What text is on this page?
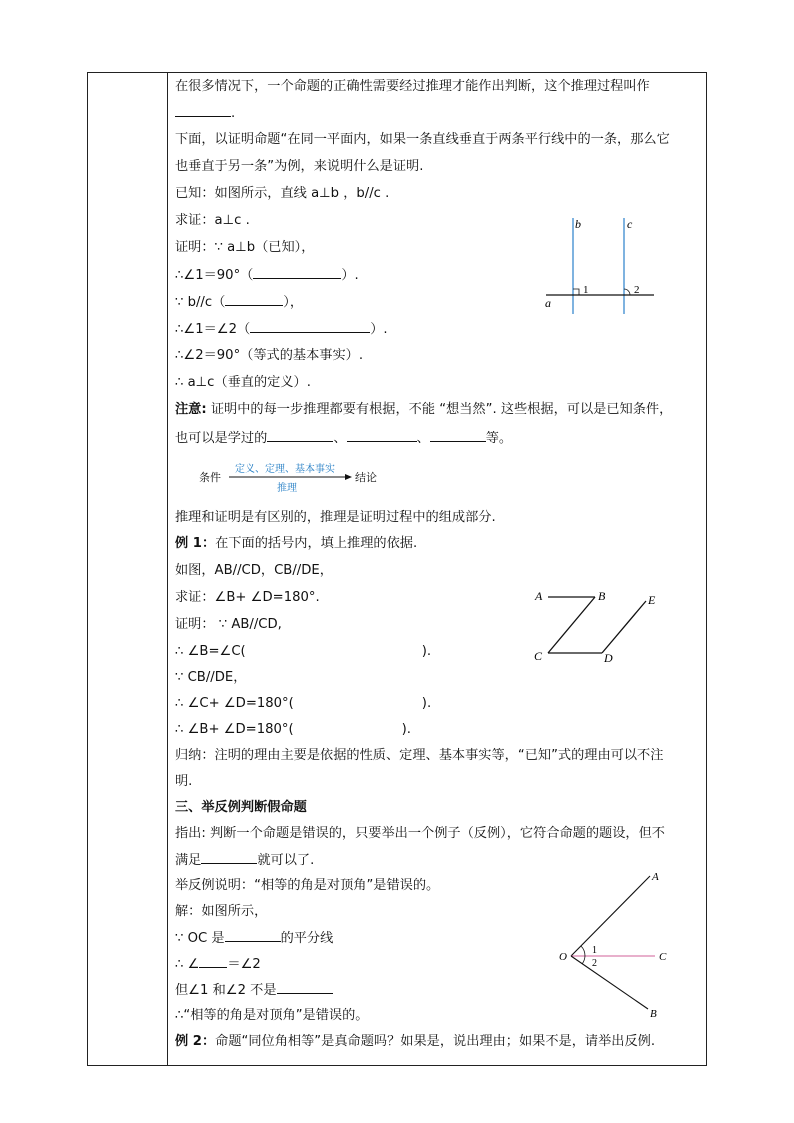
在很多情况下，一个命题的正确性需要经过推理才能作出判断，这个推理过程叫作
.
下面，以证明命题“在同一平面内，如果一条直线垂直于两条平行线中的一条，那么它
也垂直于另一条”为例，来说明什么是证明.
已知：如图所示，直线 a⊥b ，b//c .
求证：a⊥c .
证明：∵ a⊥b（已知），
∴∠1＝90°（	）.
∵ b//c（	），
∴∠1＝∠2（	）.
∴∠2＝90°（等式的基本事实）.
∴ a⊥c（垂直的定义）.
注意: 证明中的每一步推理都要有根据，不能 “想当然”. 这些根据，可以是已知条件，
也可以是学过的	、	、	等。
推理和证明是有区别的，推理是证明过程中的组成部分.
例 1：在下面的括号内，填上推理的依据.
如图，AB//CD，CB//DE，
求证：∠B+ ∠D=180°.
证明： ∵ AB//CD,
∴ ∠B=∠C(	).
∵ CB//DE，
∴ ∠C+ ∠D=180°(	).
∴ ∠B+ ∠D=180°(	).
归纳：注明的理由主要是依据的性质、定理、基本事实等，“已知”式的理由可以不注
明.
三、举反例判断假命题
指出: 判断一个命题是错误的，只要举出一个例子（反例），它符合命题的题设，但不
满足	就可以了.
举反例说明：“相等的角是对顶角”是错误的。
解：如图所示，
∵ OC 是	的平分线
∴ ∠ ＝∠2
但∠1 和∠2 不是
∴“相等的角是对顶角”是错误的。
例 2：命题“同位角相等”是真命题吗？如果是，说出理由；如果不是，请举出反例.
条件
定义、定理、基本事实
推理
结论
b	c
a
1	2
A	B	E
C	D
A
O	C
B
1
2
